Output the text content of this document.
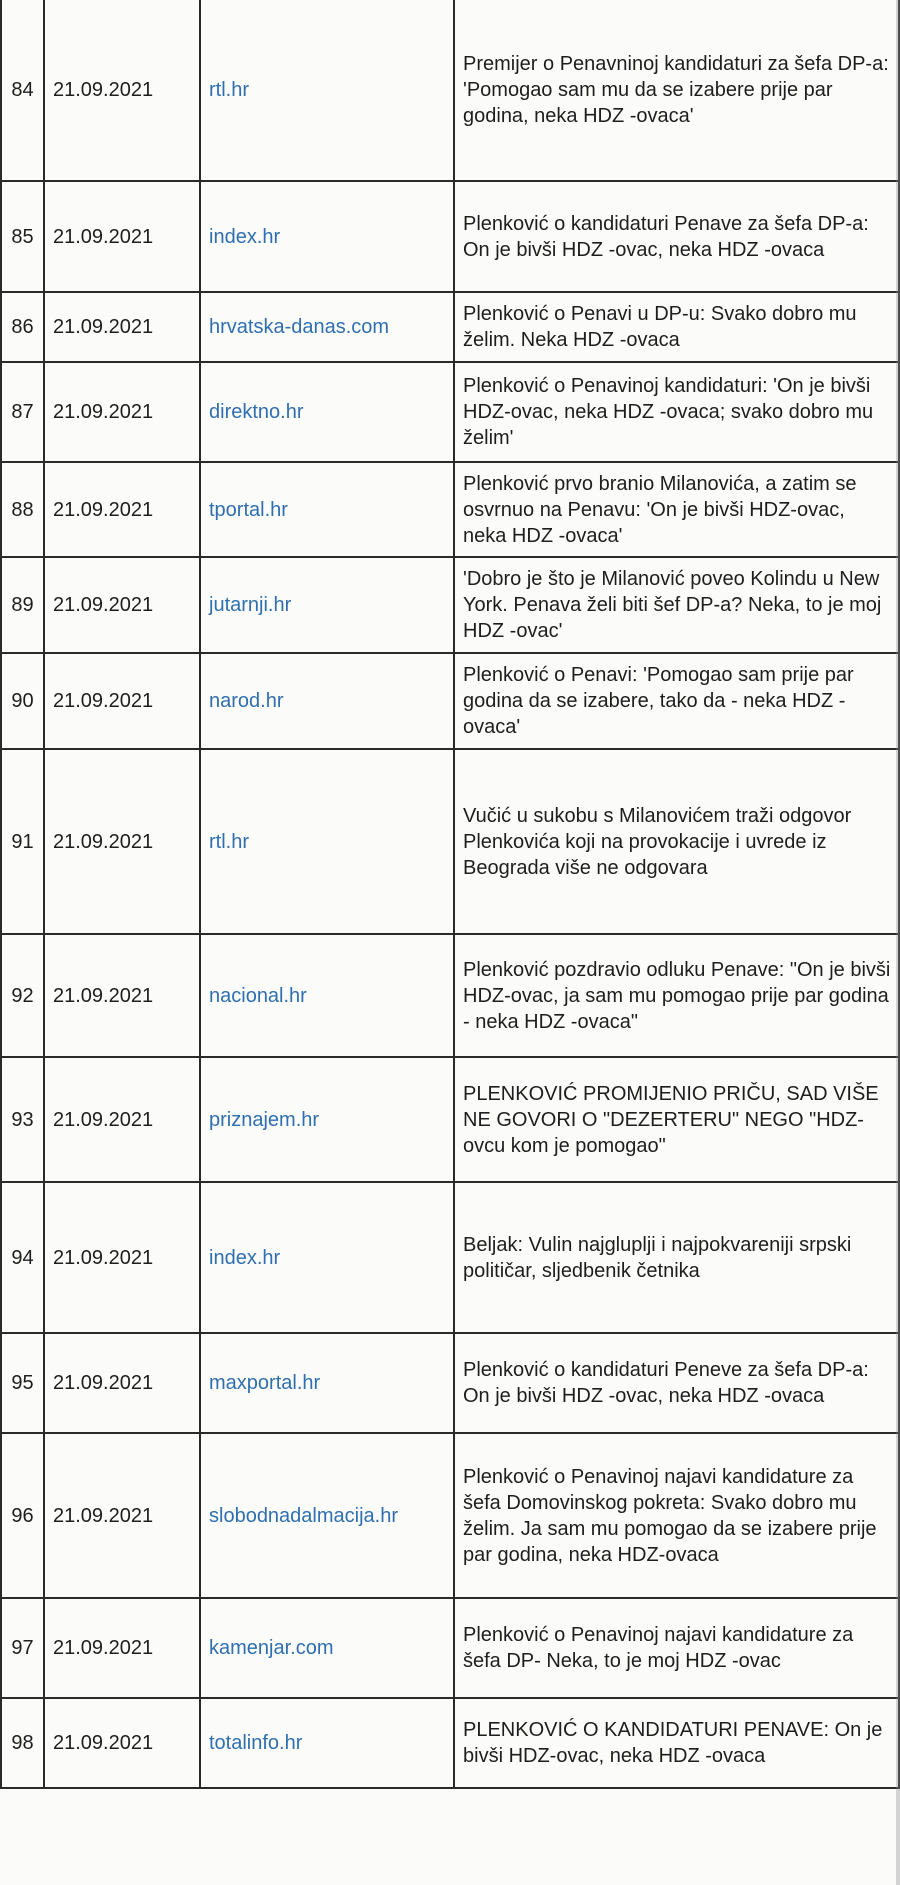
84	21.09.2021	rtl.hr	Premijer o Penavninoj kandidaturi za šefa DP-a: 'Pomogao sam mu da se izabere prije par godina, neka HDZ -ovaca'
85	21.09.2021	index.hr	Plenković o kandidaturi Penave za šefa DP-a: On je bivši HDZ -ovac, neka HDZ -ovaca
86	21.09.2021	hrvatska-danas.com	Plenković o Penavi u DP-u: Svako dobro mu želim. Neka HDZ -ovaca
87	21.09.2021	direktno.hr	Plenković o Penavinoj kandidaturi: 'On je bivši HDZ-ovac, neka HDZ -ovaca; svako dobro mu želim'
88	21.09.2021	tportal.hr	Plenković prvo branio Milanovića, a zatim se osvrnuo na Penavu: 'On je bivši HDZ-ovac, neka HDZ -ovaca'
89	21.09.2021	jutarnji.hr	'Dobro je što je Milanović poveo Kolindu u New York. Penava želi biti šef DP-a? Neka, to je moj HDZ -ovac'
90	21.09.2021	narod.hr	Plenković o Penavi: 'Pomogao sam prije par godina da se izabere, tako da - neka HDZ -ovaca'
91	21.09.2021	rtl.hr	Vučić u sukobu s Milanovićem traži odgovor Plenkovića koji na provokacije i uvrede iz Beograda više ne odgovara
92	21.09.2021	nacional.hr	Plenković pozdravio odluku Penave: "On je bivši HDZ-ovac, ja sam mu pomogao prije par godina - neka HDZ -ovaca"
93	21.09.2021	priznajem.hr	PLENKOVIĆ PROMIJENIO PRIČU, SAD VIŠE NE GOVORI O "DEZERTERU" NEGO "HDZ-ovcu kom je pomogao"
94	21.09.2021	index.hr	Beljak: Vulin najgluplji i najpokvareniji srpski političar, sljedbenik četnika
95	21.09.2021	maxportal.hr	Plenković o kandidaturi Peneve za šefa DP-a: On je bivši HDZ -ovac, neka HDZ -ovaca
96	21.09.2021	slobodnadalmacija.hr	Plenković o Penavinoj najavi kandidature za šefa Domovinskog pokreta: Svako dobro mu želim. Ja sam mu pomogao da se izabere prije par godina, neka HDZ-ovaca
97	21.09.2021	kamenjar.com	Plenković o Penavinoj najavi kandidature za šefa DP- Neka, to je moj HDZ -ovac
98	21.09.2021	totalinfo.hr	PLENKOVIĆ O KANDIDATURI PENAVE: On je bivši HDZ-ovac, neka HDZ -ovaca
